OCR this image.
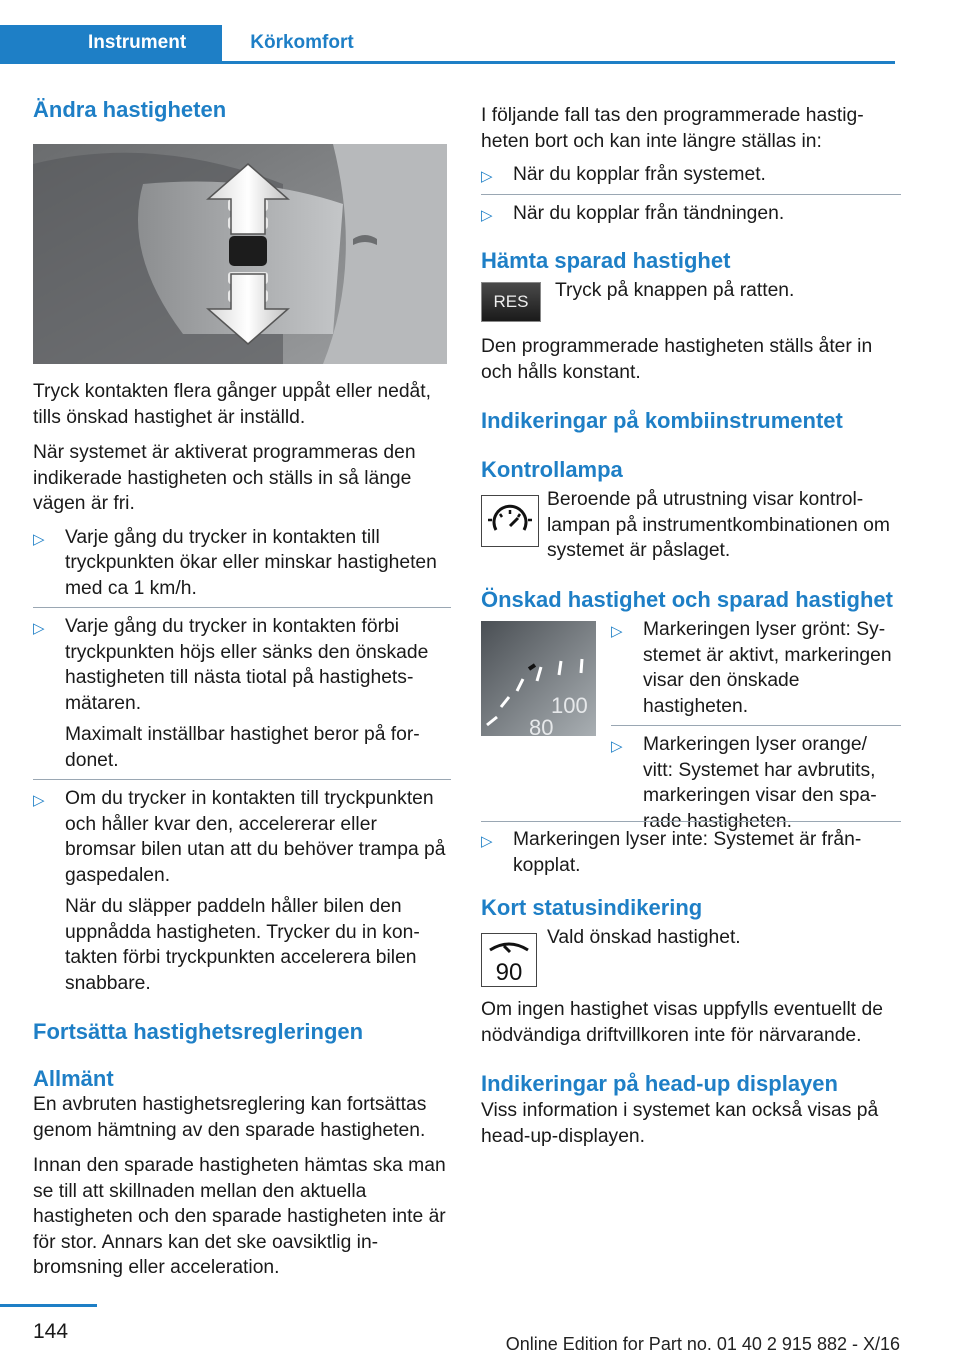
Instrument	Körkomfort
Ändra hastigheten

Tryck kontakten flera gånger uppåt eller nedåt, tills önskad hastighet är inställd.

När systemet är aktiverat programmeras den indikerade hastigheten och ställs in så länge vägen är fri.

▷ Varje gång du trycker in kontakten till tryckpunkten ökar eller minskar hastigheten med ca 1 km/h.
▷ Varje gång du trycker in kontakten förbi tryckpunkten höjs eller sänks den önskade hastigheten till nästa tiotal på hastighetsmätaren.

Maximalt inställbar hastighet beror på fordonet.

▷ Om du trycker in kontakten till tryckpunkten och håller kvar den, accelererar eller bromsar bilen utan att du behöver trampa på gaspedalen.

När du släpper paddeln håller bilen den uppnådda hastigheten. Trycker du in kontakten förbi tryckpunkten accelerera bilen snabbare.

Fortsätta hastighetsregleringen
Allmänt

En avbruten hastighetsreglering kan fortsättas genom hämtning av den sparade hastigheten.

Innan den sparade hastigheten hämtas ska man se till att skillnaden mellan den aktuella hastigheten och den sparade hastigheten inte är för stor. Annars kan det ske oavsiktlig inbromsning eller acceleration.

I följande fall tas den programmerade hastigheten bort och kan inte längre ställas in:

▷ När du kopplar från systemet.
▷ När du kopplar från tändningen.
Hämta sparad hastighet
RES

Tryck på knappen på ratten.

Den programmerade hastigheten ställs åter in och hålls konstant.

Indikeringar på kombiinstrumentet
Kontrollampa

Beroende på utrustning visar kontrollampan på instrumentkombinationen om systemet är påslaget.

Önskad hastighet och sparad hastighet
100
80
▷ Markeringen lyser grönt: Systemet är aktivt, markeringen visar den önskade hastigheten.
▷ Markeringen lyser orange/ vitt: Systemet har avbrutits, markeringen visar den sparade hastigheten.
▷ Markeringen lyser inte: Systemet är frånkopplat.
Kort statusindikering
90

Vald önskad hastighet.

Om ingen hastighet visas uppfylls eventuellt de nödvändiga driftvillkoren inte för närvarande.

Indikeringar på head-up displayen

Viss information i systemet kan också visas på head-up-displayen.

144
Online Edition for Part no. 01 40 2 915 882 - X/16
